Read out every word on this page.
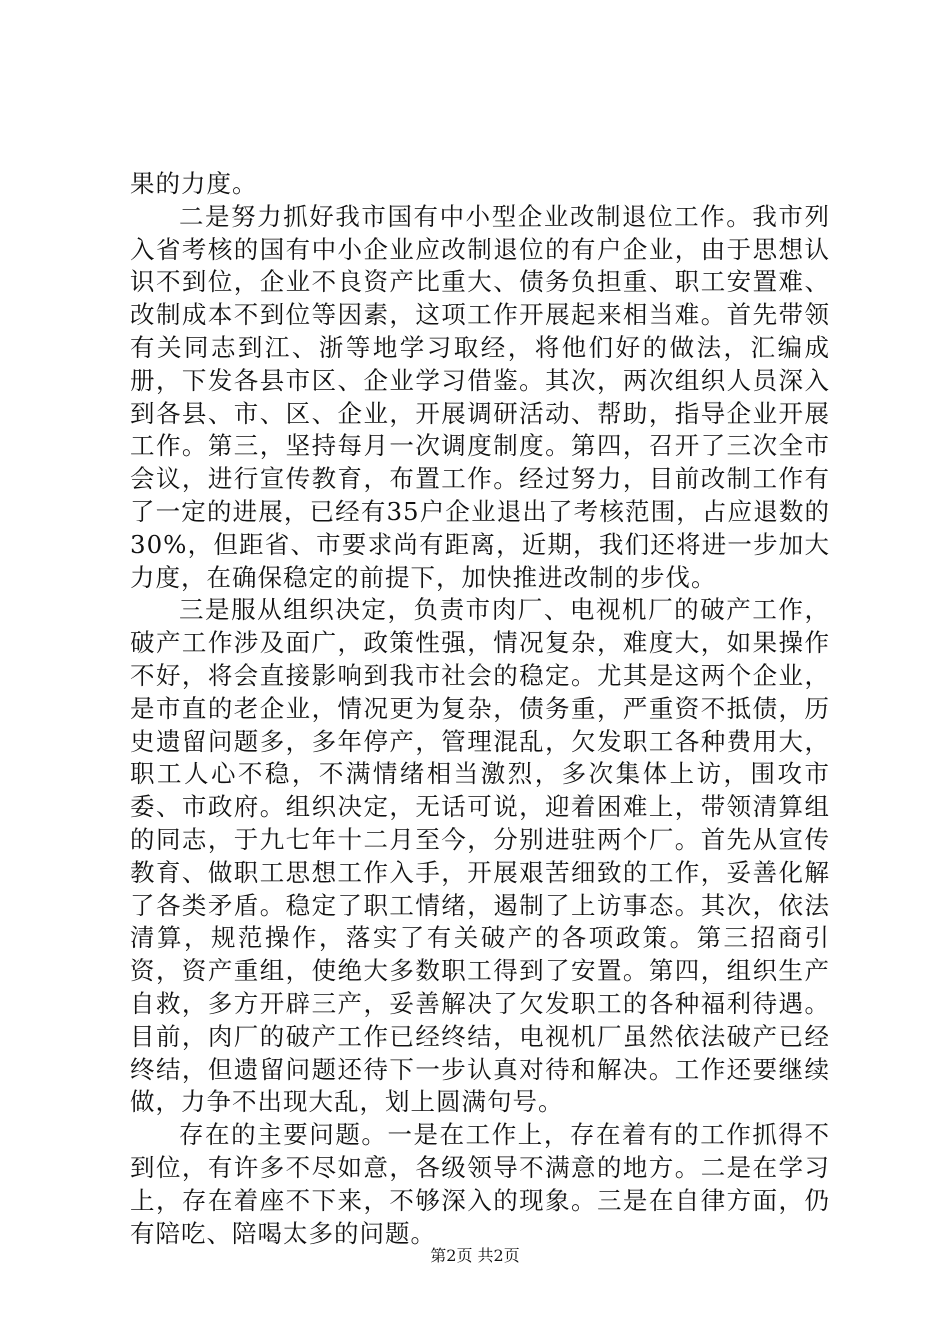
果的力度。

二是努力抓好我市国有中小型企业改制退位工作。我市列入省考核的国有中小企业应改制退位的有户企业，由于思想认识不到位，企业不良资产比重大、债务负担重、职工安置难、改制成本不到位等因素，这项工作开展起来相当难。首先带领有关同志到江、浙等地学习取经，将他们好的做法，汇编成册，下发各县市区、企业学习借鉴。其次，两次组织人员深入到各县、市、区、企业，开展调研活动、帮助，指导企业开展工作。第三，坚持每月一次调度制度。第四，召开了三次全市会议，进行宣传教育，布置工作。经过努力，目前改制工作有了一定的进展，已经有35户企业退出了考核范围，占应退数的30%，但距省、市要求尚有距离，近期，我们还将进一步加大力度，在确保稳定的前提下，加快推进改制的步伐。

三是服从组织决定，负责市肉厂、电视机厂的破产工作，破产工作涉及面广，政策性强，情况复杂，难度大，如果操作不好，将会直接影响到我市社会的稳定。尤其是这两个企业，是市直的老企业，情况更为复杂，债务重，严重资不抵债，历史遗留问题多，多年停产，管理混乱，欠发职工各种费用大，职工人心不稳，不满情绪相当激烈，多次集体上访，围攻市委、市政府。组织决定，无话可说，迎着困难上，带领清算组的同志，于九七年十二月至今，分别进驻两个厂。首先从宣传教育、做职工思想工作入手，开展艰苦细致的工作，妥善化解了各类矛盾。稳定了职工情绪，遏制了上访事态。其次，依法清算，规范操作，落实了有关破产的各项政策。第三招商引资，资产重组，使绝大多数职工得到了安置。第四，组织生产自救，多方开辟三产，妥善解决了欠发职工的各种福利待遇。目前，肉厂的破产工作已经终结，电视机厂虽然依法破产已经终结，但遗留问题还待下一步认真对待和解决。工作还要继续做，力争不出现大乱，划上圆满句号。

存在的主要问题。一是在工作上，存在着有的工作抓得不到位，有许多不尽如意，各级领导不满意的地方。二是在学习上，存在着座不下来，不够深入的现象。三是在自律方面，仍有陪吃、陪喝太多的问题。

第2页 共2页
